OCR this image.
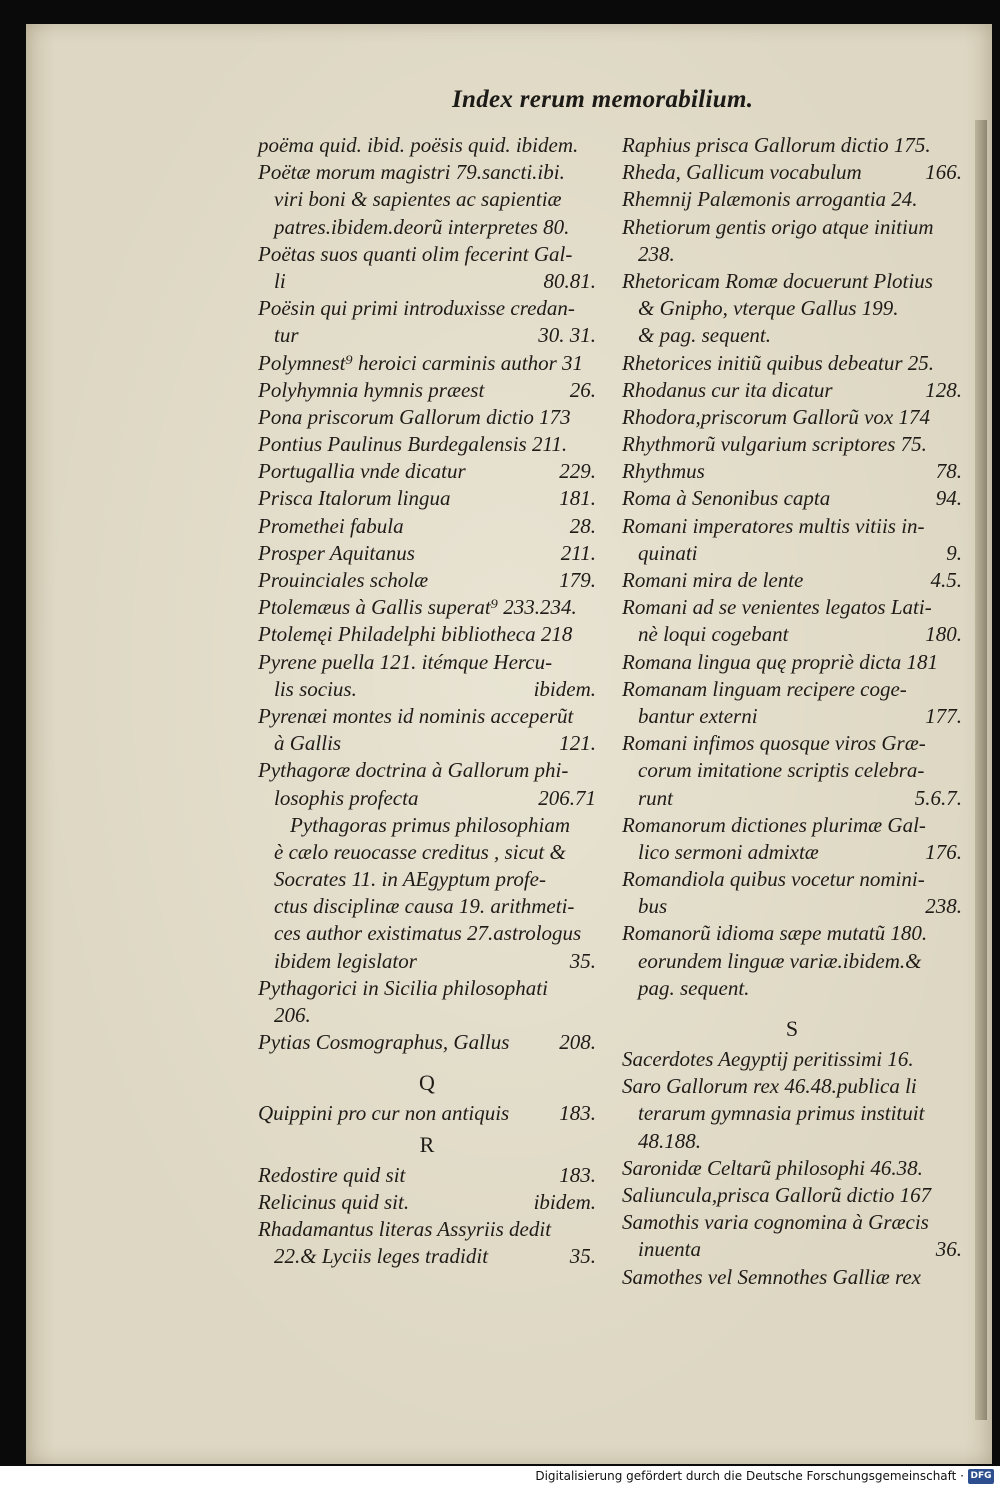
Index rerum memorabilium.
poëma quid. ibid. poësis quid. ibidem.
Poëtæ morum magistri 79.sancti.ibi.
viri boni & sapientes ac sapientiæ
patres.ibidem.deorũ interpretes 80.
Poëtas suos quanti olim fecerint Gal-
li	80.81.
Poësin qui primi introduxisse credan-
tur	30. 31.
Polymnest⁹ heroici carminis author 31
Polyhymnia hymnis præest	26.
Pona priscorum Gallorum dictio 173
Pontius Paulinus Burdegalensis 211.
Portugallia vnde dicatur	229.
Prisca Italorum lingua	181.
Promethei fabula	28.
Prosper Aquitanus	211.
Prouinciales scholæ	179.
Ptolemæus à Gallis superat⁹ 233.234.
Ptolemęi Philadelphi bibliotheca 218
Pyrene puella 121. itémque Hercu-
lis socius.	ibidem.
Pyrenæi montes id nominis acceperũt
à Gallis	121.
Pythagoræ doctrina à Gallorum phi-
losophis profecta	206.71
Pythagoras primus philosophiam
è cælo reuocasse creditus , sicut &
Socrates 11. in AEgyptum profe-
ctus disciplinæ causa 19. arithmeti-
ces author existimatus 27.astrologus
ibidem legislator	35.
Pythagorici in Sicilia philosophati
206.
Pytias Cosmographus, Gallus 208.
Q
Quippini pro cur non antiquis 183.
R
Redostire quid sit	183.
Relicinus quid sit.	ibidem.
Rhadamantus literas Assyriis dedit
22.& Lyciis leges tradidit	35.
Raphius prisca Gallorum dictio 175.
Rheda, Gallicum vocabulum	166.
Rhemnij Palæmonis arrogantia 24.
Rhetiorum gentis origo atque initium
238.
Rhetoricam Romæ docuerunt Plotius
& Gnipho, vterque Gallus 199.
& pag. sequent.
Rhetorices initiũ quibus debeatur 25.
Rhodanus cur ita dicatur	128.
Rhodora,priscorum Gallorũ vox 174
Rhythmorũ vulgarium scriptores 75.
Rhythmus	78.
Roma à Senonibus capta	94.
Romani imperatores multis vitiis in-
quinati	9.
Romani mira de lente	4.5.
Romani ad se venientes legatos Lati-
nè loqui cogebant	180.
Romana lingua quę propriè dicta 181
Romanam linguam recipere coge-
bantur externi	177.
Romani infimos quosque viros Græ-
corum imitatione scriptis celebra-
runt	5.6.7.
Romanorum dictiones plurimæ Gal-
lico sermoni admixtæ	176.
Romandiola quibus vocetur nomini-
bus	238.
Romanorũ idioma sæpe mutatũ 180.
eorundem linguæ variæ.ibidem.&
pag. sequent.
S
Sacerdotes Aegyptij peritissimi 16.
Saro Gallorum rex 46.48.publica li
terarum gymnasia primus instituit
48.188.
Saronidæ Celtarũ philosophi 46.38.
Saliuncula,prisca Gallorũ dictio 167
Samothis varia cognomina à Græcis
inuenta	36.
Samothes vel Semnothes Galliæ rex
Digitalisierung gefördert durch die Deutsche Forschungsgemeinschaft · DFG
